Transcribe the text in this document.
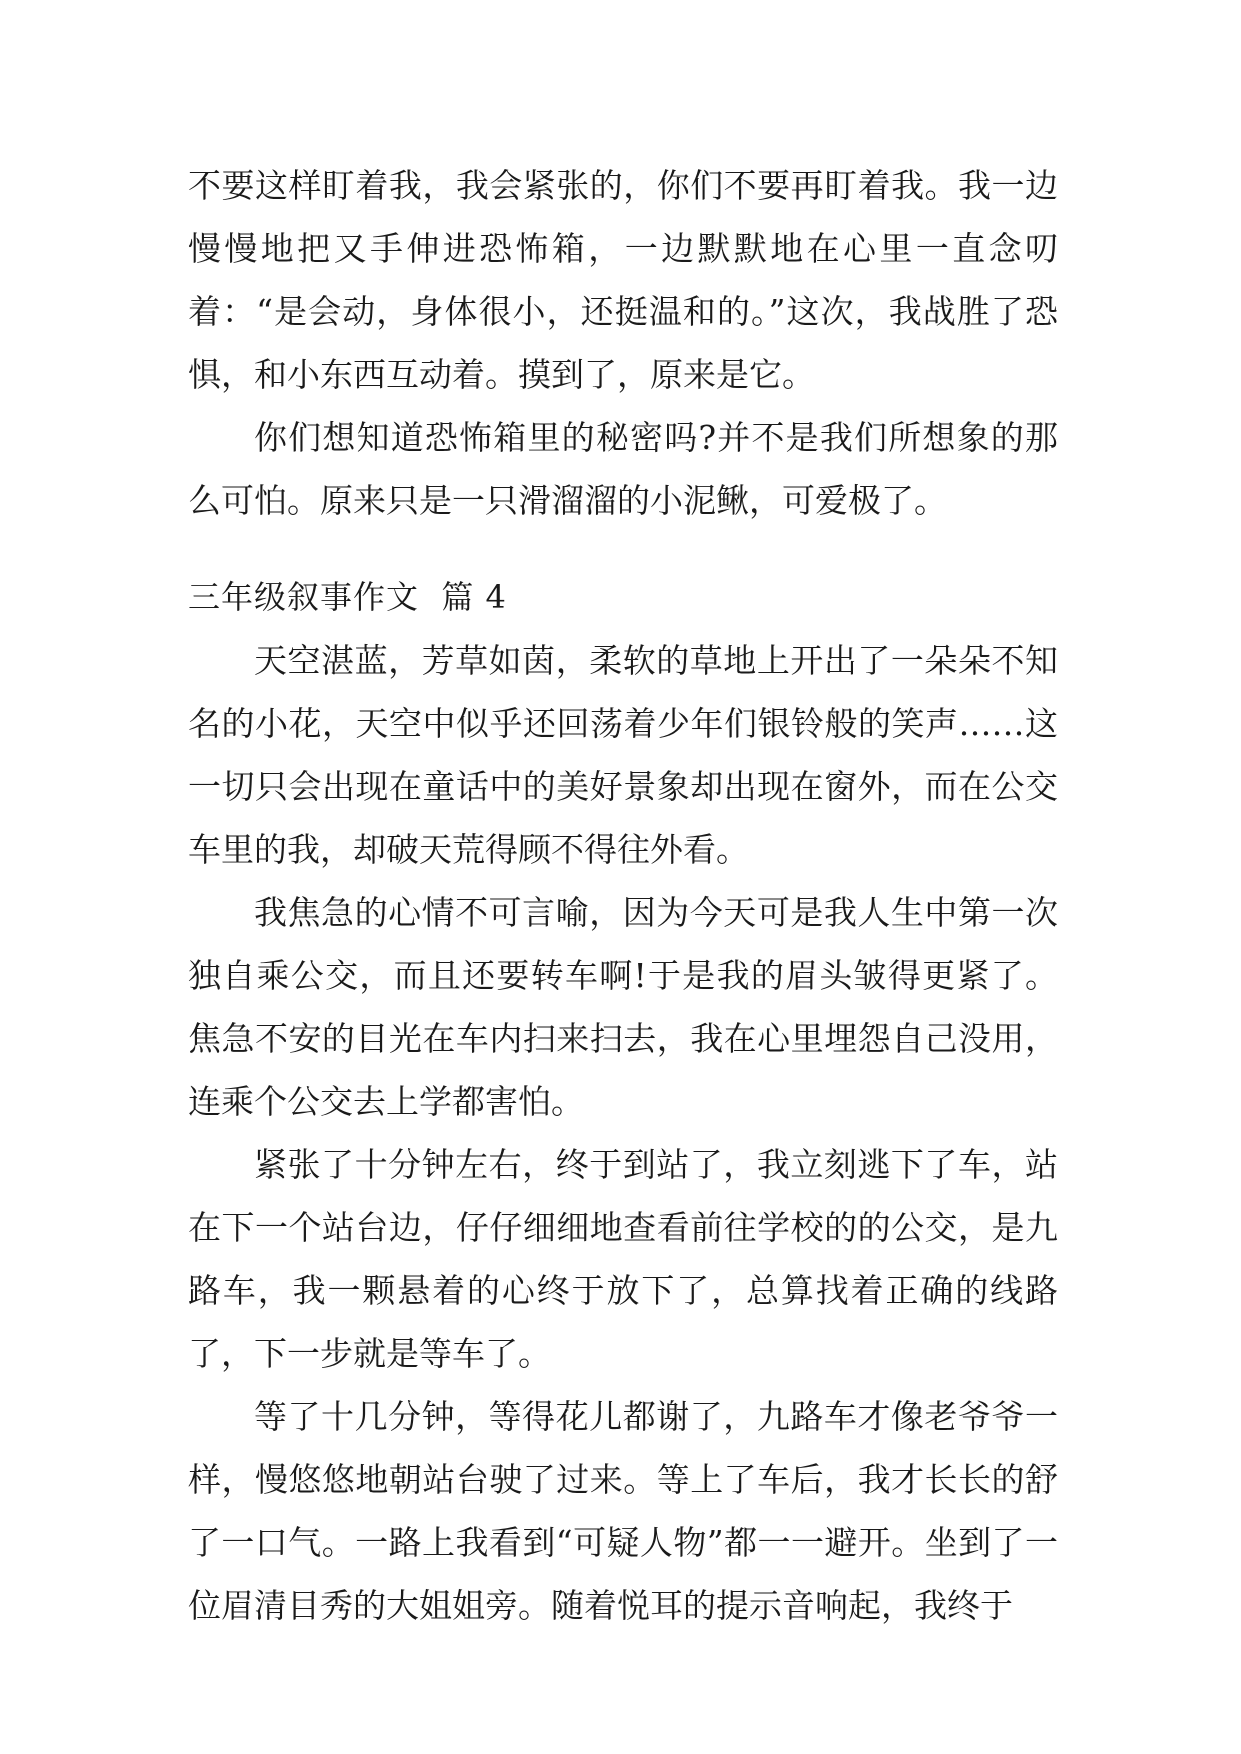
不要这样盯着我，我会紧张的，你们不要再盯着我。我一边慢慢地把又手伸进恐怖箱，一边默默地在心里一直念叨着：“是会动，身体很小，还挺温和的。”这次，我战胜了恐惧，和小东西互动着。摸到了，原来是它。

你们想知道恐怖箱里的秘密吗?并不是我们所想象的那么可怕。原来只是一只滑溜溜的小泥鳅，可爱极了。

三年级叙事作文  篇 4

天空湛蓝，芳草如茵，柔软的草地上开出了一朵朵不知名的小花，天空中似乎还回荡着少年们银铃般的笑声……这一切只会出现在童话中的美好景象却出现在窗外，而在公交车里的我，却破天荒得顾不得往外看。

我焦急的心情不可言喻，因为今天可是我人生中第一次独自乘公交，而且还要转车啊!于是我的眉头皱得更紧了。焦急不安的目光在车内扫来扫去，我在心里埋怨自己没用，连乘个公交去上学都害怕。

紧张了十分钟左右，终于到站了，我立刻逃下了车，站在下一个站台边，仔仔细细地查看前往学校的的公交，是九路车，我一颗悬着的心终于放下了，总算找着正确的线路了，下一步就是等车了。

等了十几分钟，等得花儿都谢了，九路车才像老爷爷一样，慢悠悠地朝站台驶了过来。等上了车后，我才长长的舒了一口气。一路上我看到“可疑人物”都一一避开。坐到了一位眉清目秀的大姐姐旁。随着悦耳的提示音响起，我终于
